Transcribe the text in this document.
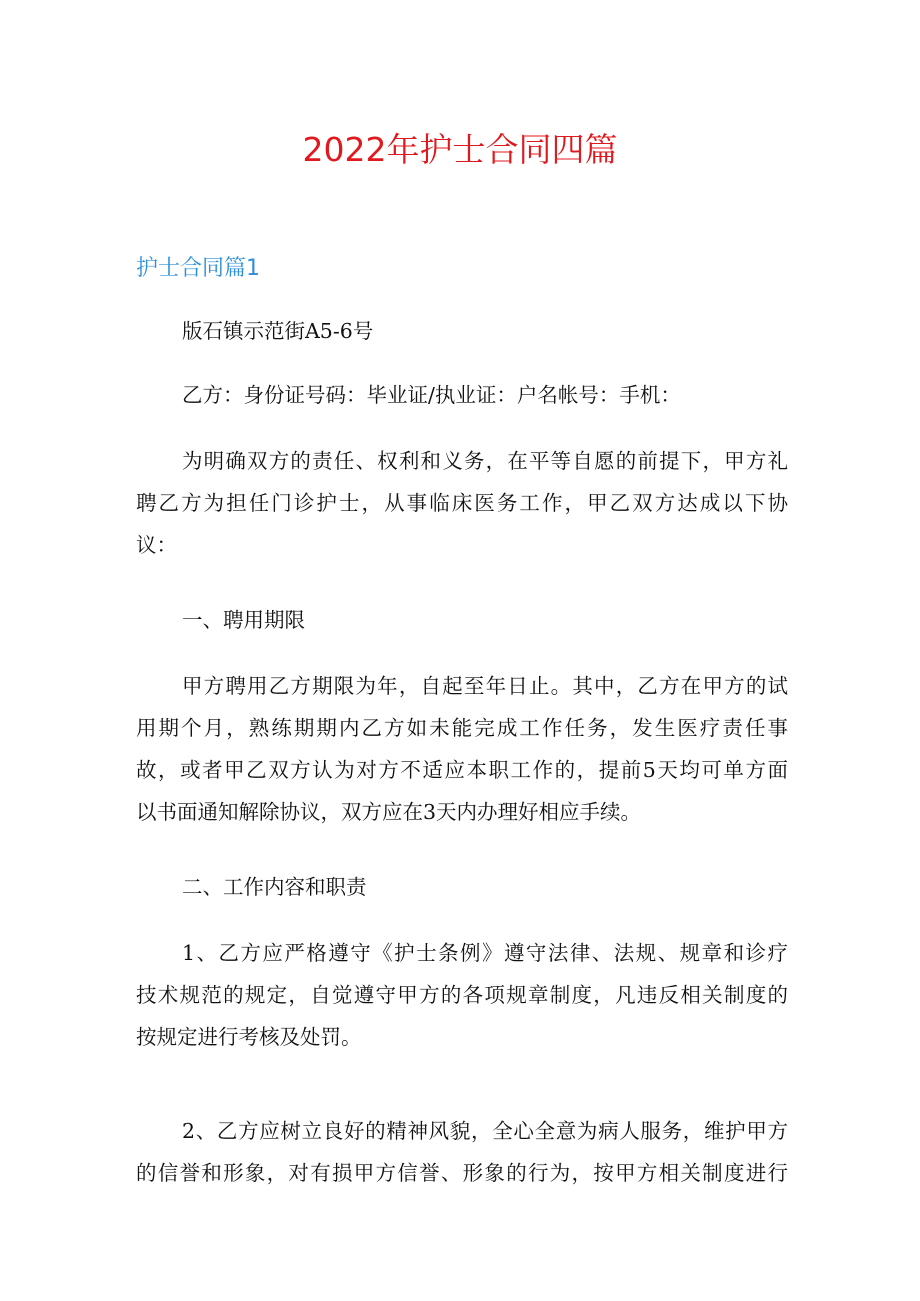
2022年护士合同四篇
护士合同篇1

版石镇示范街A5-6号

乙方：身份证号码：毕业证/执业证：户名帐号：手机：

为明确双方的责任、权利和义务，在平等自愿的前提下，甲方礼
聘乙方为担任门诊护士，从事临床医务工作，甲乙双方达成以下协
议：

一、聘用期限

甲方聘用乙方期限为年，自起至年日止。其中，乙方在甲方的试
用期个月，熟练期期内乙方如未能完成工作任务，发生医疗责任事
故，或者甲乙双方认为对方不适应本职工作的，提前5天均可单方面
以书面通知解除协议，双方应在3天内办理好相应手续。

二、工作内容和职责

1、乙方应严格遵守《护士条例》遵守法律、法规、规章和诊疗
技术规范的规定，自觉遵守甲方的各项规章制度，凡违反相关制度的
按规定进行考核及处罚。

2、乙方应树立良好的精神风貌，全心全意为病人服务，维护甲方
的信誉和形象，对有损甲方信誉、形象的行为，按甲方相关制度进行
